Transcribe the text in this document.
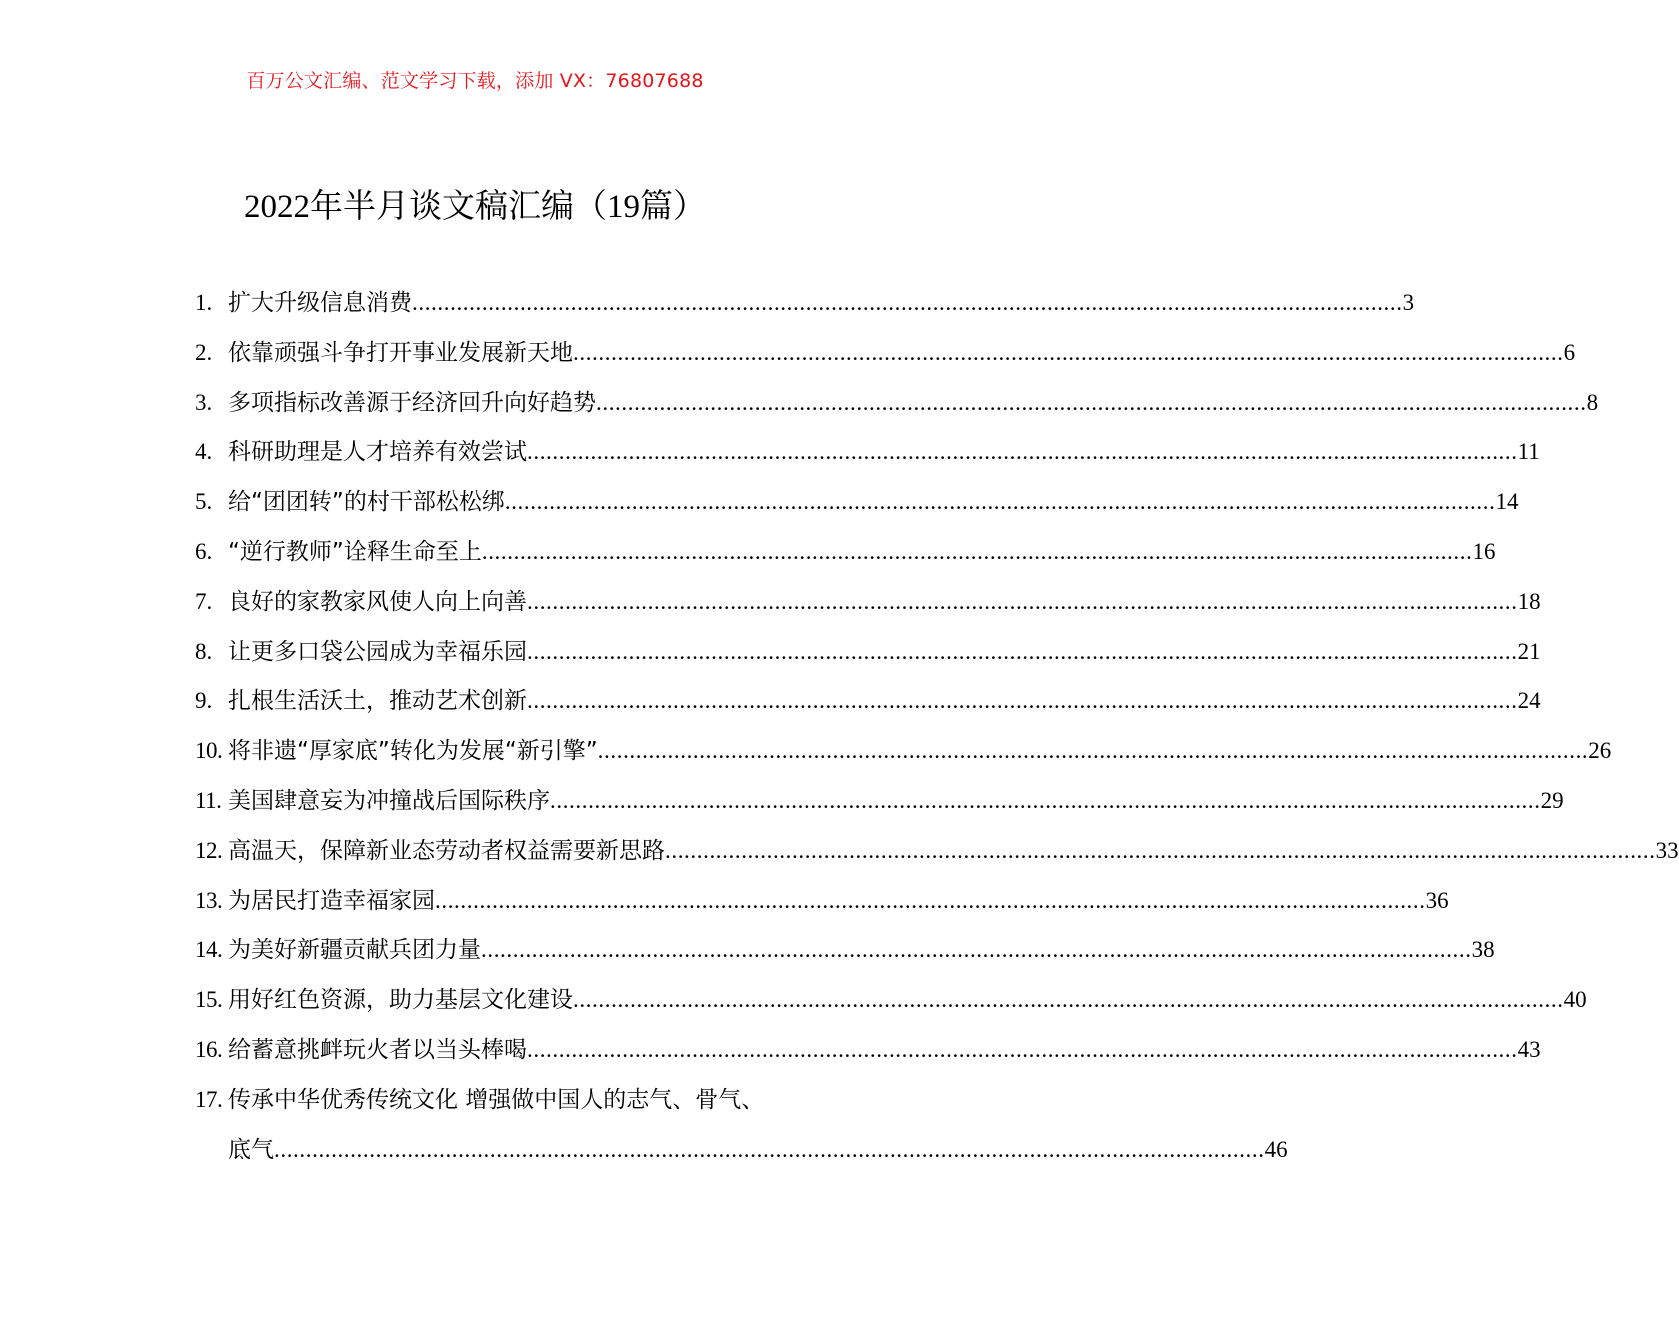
百万公文汇编、范文学习下载，添加 VX：76807688
2022年半月谈文稿汇编（19篇）
1. 扩大升级信息消费 .....	3
2. 依靠顽强斗争打开事业发展新天地 .....	6
3. 多项指标改善源于经济回升向好趋势 .....	8
4. 科研助理是人才培养有效尝试 .....	11
5. 给“团团转”的村干部松松绑 .....	14
6. “逆行教师”诠释生命至上 .....	16
7. 良好的家教家风使人向上向善 .....	18
8. 让更多口袋公园成为幸福乐园 .....	21
9. 扎根生活沃土，推动艺术创新 .....	24
10. 将非遗“厚家底”转化为发展“新引擎” .....	26
11. 美国肆意妄为冲撞战后国际秩序 .....	29
12. 高温天，保障新业态劳动者权益需要新思路 .....	33
13. 为居民打造幸福家园 .....	36
14. 为美好新疆贡献兵团力量 .....	38
15. 用好红色资源，助力基层文化建设 .....	40
16. 给蓄意挑衅玩火者以当头棒喝 .....	43
17. 传承中华优秀传统文化 增强做中国人的志气、骨气、
底气 .....	46
